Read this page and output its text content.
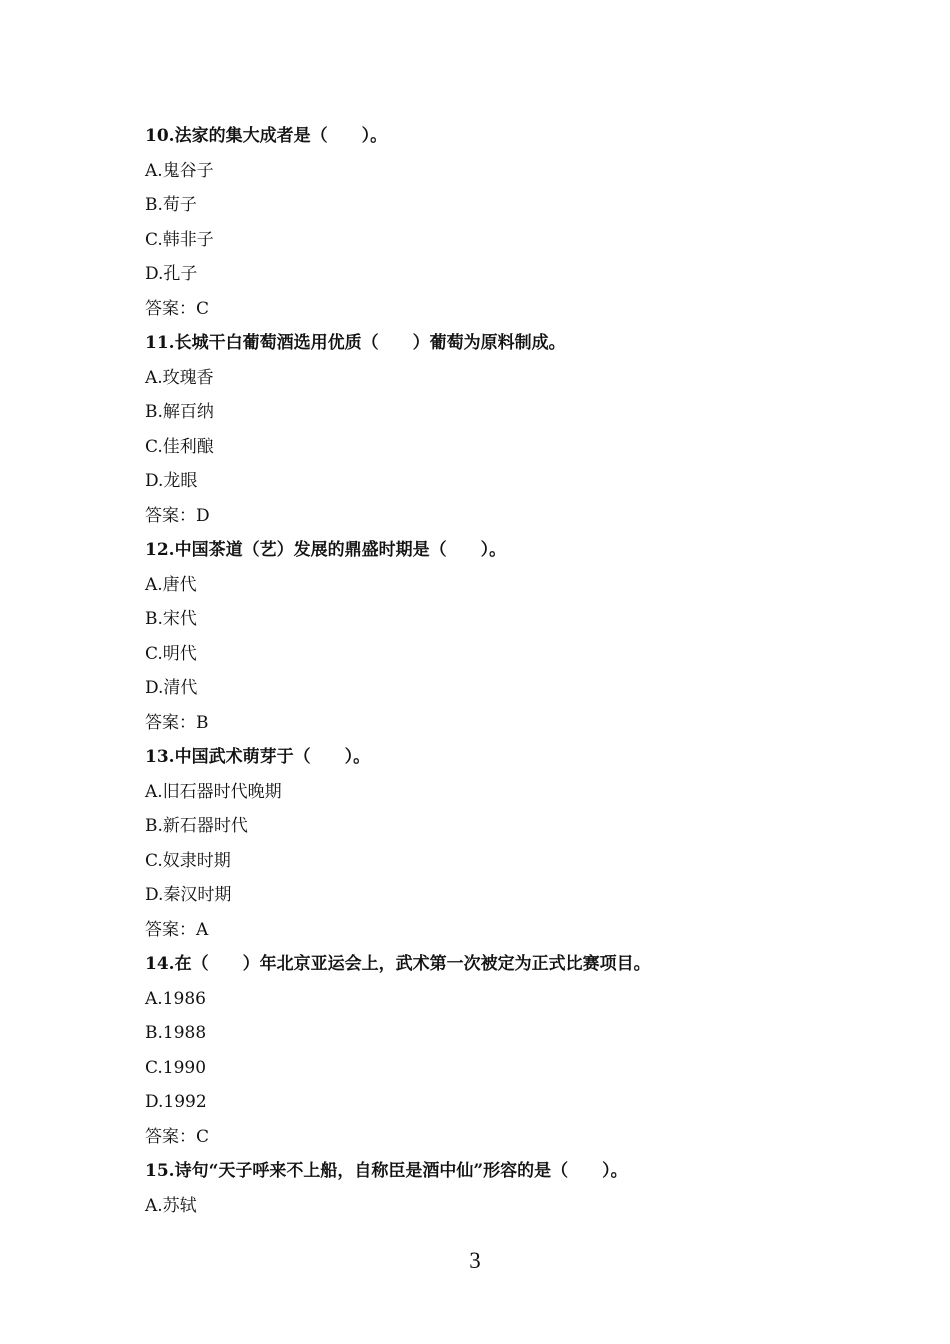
10.法家的集大成者是（　　）。
A.鬼谷子
B.荀子
C.韩非子
D.孔子
答案：C
11.长城干白葡萄酒选用优质（　　）葡萄为原料制成。
A.玫瑰香
B.解百纳
C.佳利酿
D.龙眼
答案：D
12.中国茶道（艺）发展的鼎盛时期是（　　）。
A.唐代
B.宋代
C.明代
D.清代
答案：B
13.中国武术萌芽于（　　）。
A.旧石器时代晚期
B.新石器时代
C.奴隶时期
D.秦汉时期
答案：A
14.在（　　）年北京亚运会上，武术第一次被定为正式比赛项目。
A.1986
B.1988
C.1990
D.1992
答案：C
15.诗句“天子呼来不上船，自称臣是酒中仙”形容的是（　　）。
A.苏轼
3
